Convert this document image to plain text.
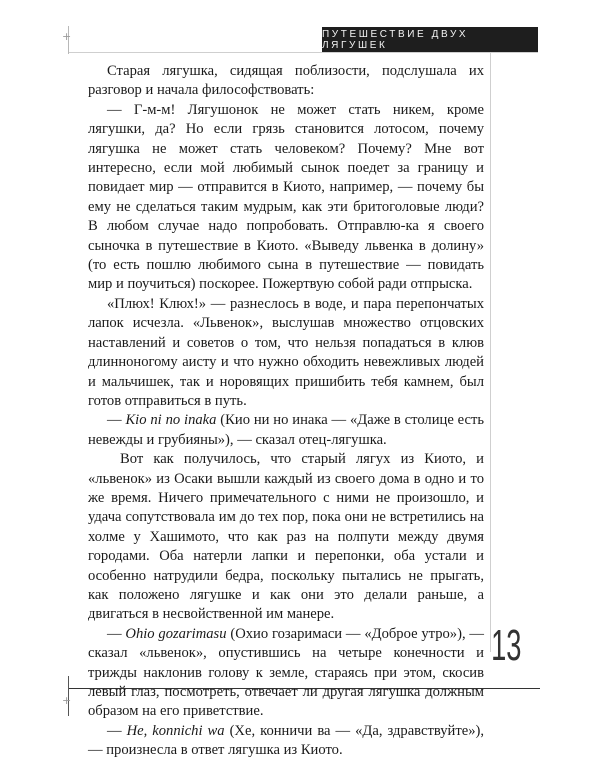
ПУТЕШЕСТВИЕ ДВУХ ЛЯГУШЕК
+
+

Старая лягушка, сидящая поблизости, подслушала их разговор и начала философствовать:

— Г-м-м! Лягушонок не может стать никем, кроме лягушки, да? Но если грязь становится лотосом, почему лягушка не может стать человеком? Почему? Мне вот интересно, если мой любимый сынок поедет за границу и повидает мир — отправится в Киото, например, — почему бы ему не сделаться таким мудрым, как эти бритоголовые люди? В любом случае надо попробовать. Отправлю-ка я своего сыночка в путешествие в Киото. «Выведу львенка в долину» (то есть пошлю любимого сына в путешествие — повидать мир и поучиться) поскорее. Пожертвую собой ради отпрыска.

«Плюх! Клюх!» — разнеслось в воде, и пара перепончатых лапок исчезла. «Львенок», выслушав множество отцовских наставлений и советов о том, что нельзя попадаться в клюв длинноногому аисту и что нужно обходить невежливых людей и мальчишек, так и норовящих пришибить тебя камнем, был готов отправиться в путь.

— Kio ni no inaka (Кио ни но инака — «Даже в столице есть невежды и грубияны»), — сказал отец-лягушка.

Вот как получилось, что старый лягух из Киото, и «львенок» из Осаки вышли каждый из своего дома в одно и то же время. Ничего примечательного с ними не произошло, и удача сопутствовала им до тех пор, пока они не встретились на холме у Хашимото, что как раз на полпути между двумя городами. Оба натерли лапки и перепонки, оба устали и особенно натрудили бедра, поскольку пытались не прыгать, как положено лягушке и как они это делали раньше, а двигаться в несвойственной им манере.

— Ohio gozarimasu (Охио гозаримаси — «Доброе утро»), — сказал «львенок», опустившись на четыре конечности и трижды наклонив голову к земле, стараясь при этом, скосив левый глаз, посмотреть, отвечает ли другая лягушка должным образом на его приветствие.

— He, konnichi wa (Хе, конничи ва — «Да, здравствуйте»), — произнесла в ответ лягушка из Киото.

13
